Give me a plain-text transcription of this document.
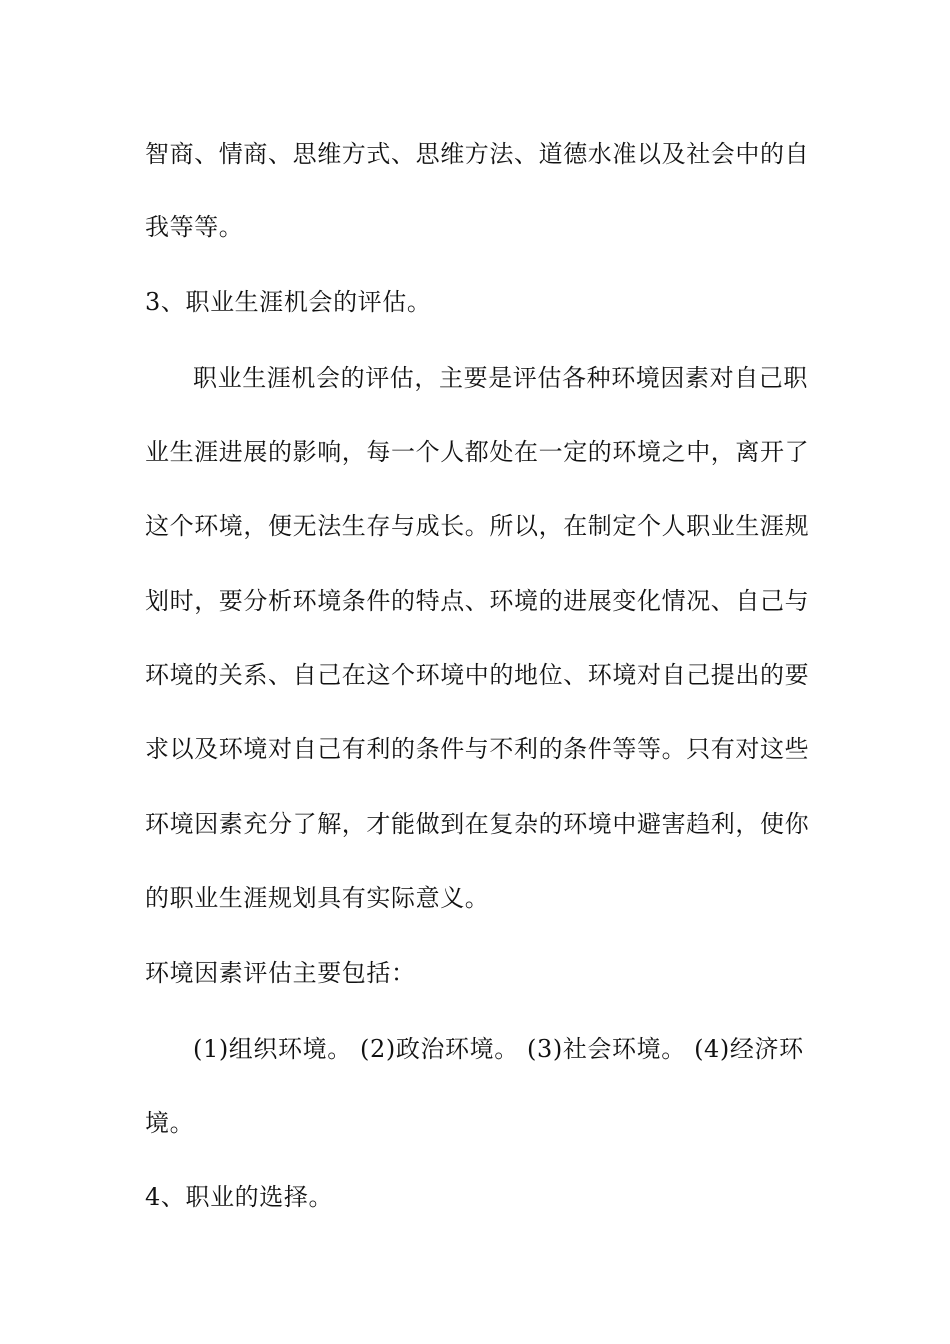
智商、情商、思维方式、思维方法、道德水准以及社会中的自
我等等。
3、职业生涯机会的评估。
职业生涯机会的评估，主要是评估各种环境因素对自己职
业生涯进展的影响，每一个人都处在一定的环境之中，离开了
这个环境，便无法生存与成长。所以，在制定个人职业生涯规
划时，要分析环境条件的特点、环境的进展变化情况、自己与
环境的关系、自己在这个环境中的地位、环境对自己提出的要
求以及环境对自己有利的条件与不利的条件等等。只有对这些
环境因素充分了解，才能做到在复杂的环境中避害趋利，使你
的职业生涯规划具有实际意义。
环境因素评估主要包括：
(1)组织环境。 (2)政治环境。 (3)社会环境。 (4)经济环
境。
4、职业的选择。
